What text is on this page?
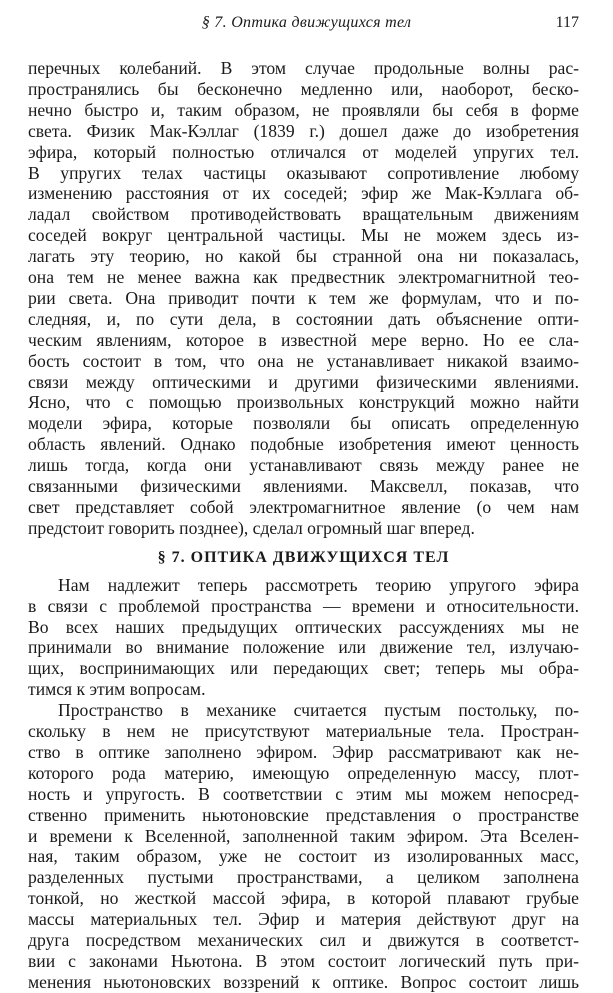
§ 7. Оптика движущихся тел	117
перечных колебаний. В этом случае продольные волны рас-
пространялись бы бесконечно медленно или, наоборот, беско-
нечно быстро и, таким образом, не проявляли бы себя в форме
света. Физик Мак-Кэллаг (1839 г.) дошел даже до изобретения
эфира, который полностью отличался от моделей упругих тел.
В упругих телах частицы оказывают сопротивление любому
изменению расстояния от их соседей; эфир же Мак-Кэллага об-
ладал свойством противодействовать вращательным движениям
соседей вокруг центральной частицы. Мы не можем здесь из-
лагать эту теорию, но какой бы странной она ни показалась,
она тем не менее важна как предвестник электромагнитной тео-
рии света. Она приводит почти к тем же формулам, что и по-
следняя, и, по сути дела, в состоянии дать объяснение опти-
ческим явлениям, которое в известной мере верно. Но ее сла-
бость состоит в том, что она не устанавливает никакой взаимо-
связи между оптическими и другими физическими явлениями.
Ясно, что с помощью произвольных конструкций можно найти
модели эфира, которые позволяли бы описать определенную
область явлений. Однако подобные изобретения имеют ценность
лишь тогда, когда они устанавливают связь между ранее не
связанными физическими явлениями. Максвелл, показав, что
свет представляет собой электромагнитное явление (о чем нам
предстоит говорить позднее), сделал огромный шаг вперед.
§ 7. ОПТИКА ДВИЖУЩИХСЯ ТЕЛ
Нам надлежит теперь рассмотреть теорию упругого эфира
в связи с проблемой пространства — времени и относительности.
Во всех наших предыдущих оптических рассуждениях мы не
принимали во внимание положение или движение тел, излучаю-
щих, воспринимающих или передающих свет; теперь мы обра-
тимся к этим вопросам.
Пространство в механике считается пустым постольку, по-
скольку в нем не присутствуют материальные тела. Простран-
ство в оптике заполнено эфиром. Эфир рассматривают как не-
которого рода материю, имеющую определенную массу, плот-
ность и упругость. В соответствии с этим мы можем непосред-
ственно применить ньютоновские представления о пространстве
и времени к Вселенной, заполненной таким эфиром. Эта Вселен-
ная, таким образом, уже не состоит из изолированных масс,
разделенных пустыми пространствами, а целиком заполнена
тонкой, но жесткой массой эфира, в которой плавают грубые
массы материальных тел. Эфир и материя действуют друг на
друга посредством механических сил и движутся в соответст-
вии с законами Ньютона. В этом состоит логический путь при-
менения ньютоновских воззрений к оптике. Вопрос состоит лишь
